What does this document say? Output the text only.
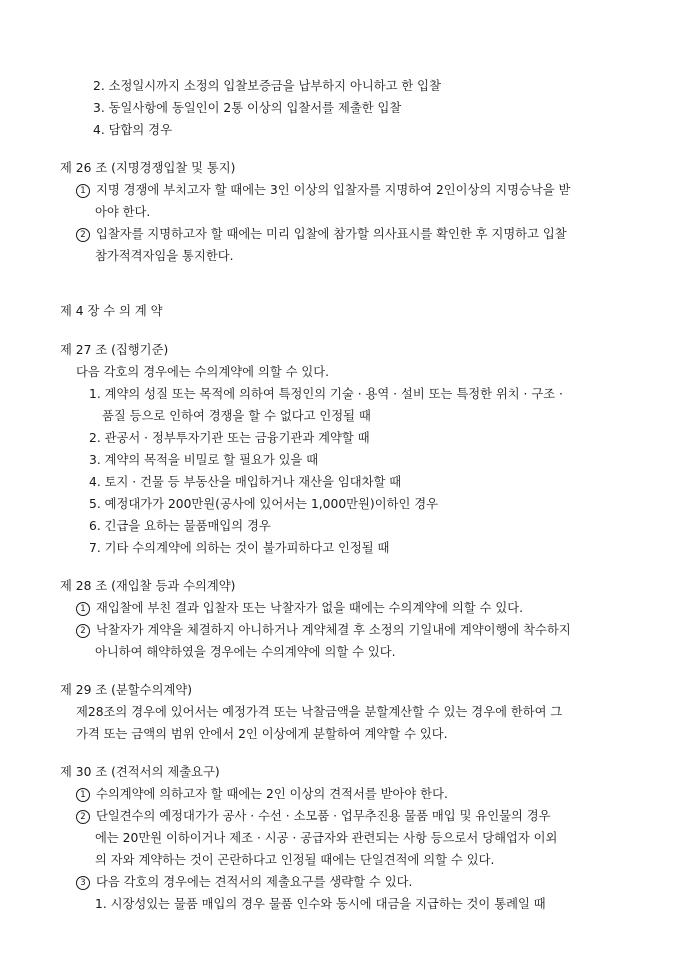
2. 소정일시까지 소정의 입찰보증금을 납부하지 아니하고 한 입찰
3. 동일사항에 동일인이 2통 이상의 입찰서를 제출한 입찰
4. 담합의 경우
제 26 조 (지명경쟁입찰 및 통지)
1 지명 경쟁에 부치고자 할 때에는 3인 이상의 입찰자를 지명하여 2인이상의 지명승낙을 받
아야 한다.
2 입찰자를 지명하고자 할 때에는 미리 입찰에 참가할 의사표시를 확인한 후 지명하고 입찰
참가적격자임을 통지한다.
제 4 장 수 의 계 약
제 27 조 (집행기준)
다음 각호의 경우에는 수의계약에 의할 수 있다.
1. 계약의 성질 또는 목적에 의하여 특정인의 기술 · 용역 · 설비 또는 특정한 위치 · 구조 ·
품질 등으로 인하여 경쟁을 할 수 없다고 인정될 때
2. 관공서 · 정부투자기관 또는 금융기관과 계약할 때
3. 계약의 목적을 비밀로 할 필요가 있을 때
4. 토지 · 건물 등 부동산을 매입하거나 재산을 임대차할 때
5. 예정대가가 200만원(공사에 있어서는 1,000만원)이하인 경우
6. 긴급을 요하는 물품매입의 경우
7. 기타 수의계약에 의하는 것이 불가피하다고 인정될 때
제 28 조 (재입찰 등과 수의계약)
1 재입찰에 부친 결과 입찰자 또는 낙찰자가 없을 때에는 수의계약에 의할 수 있다.
2 낙찰자가 계약을 체결하지 아니하거나 계약체결 후 소정의 기일내에 계약이행에 착수하지
아니하여 해약하였을 경우에는 수의계약에 의할 수 있다.
제 29 조 (분할수의계약)
제28조의 경우에 있어서는 예정가격 또는 낙찰금액을 분할계산할 수 있는 경우에 한하여 그
가격 또는 금액의 범위 안에서 2인 이상에게 분할하여 계약할 수 있다.
제 30 조 (견적서의 제출요구)
1 수의계약에 의하고자 할 때에는 2인 이상의 견적서를 받아야 한다.
2 단일견수의 예정대가가 공사 · 수선 · 소모품 · 업무추진용 물품 매입 및 유인물의 경우
에는 20만원 이하이거나 제조 · 시공 · 공급자와 관련되는 사항 등으로서 당해업자 이외
의 자와 계약하는 것이 곤란하다고 인정될 때에는 단일견적에 의할 수 있다.
3 다음 각호의 경우에는 견적서의 제출요구를 생략할 수 있다.
1. 시장성있는 물품 매입의 경우 물품 인수와 동시에 대금을 지급하는 것이 통례일 때
